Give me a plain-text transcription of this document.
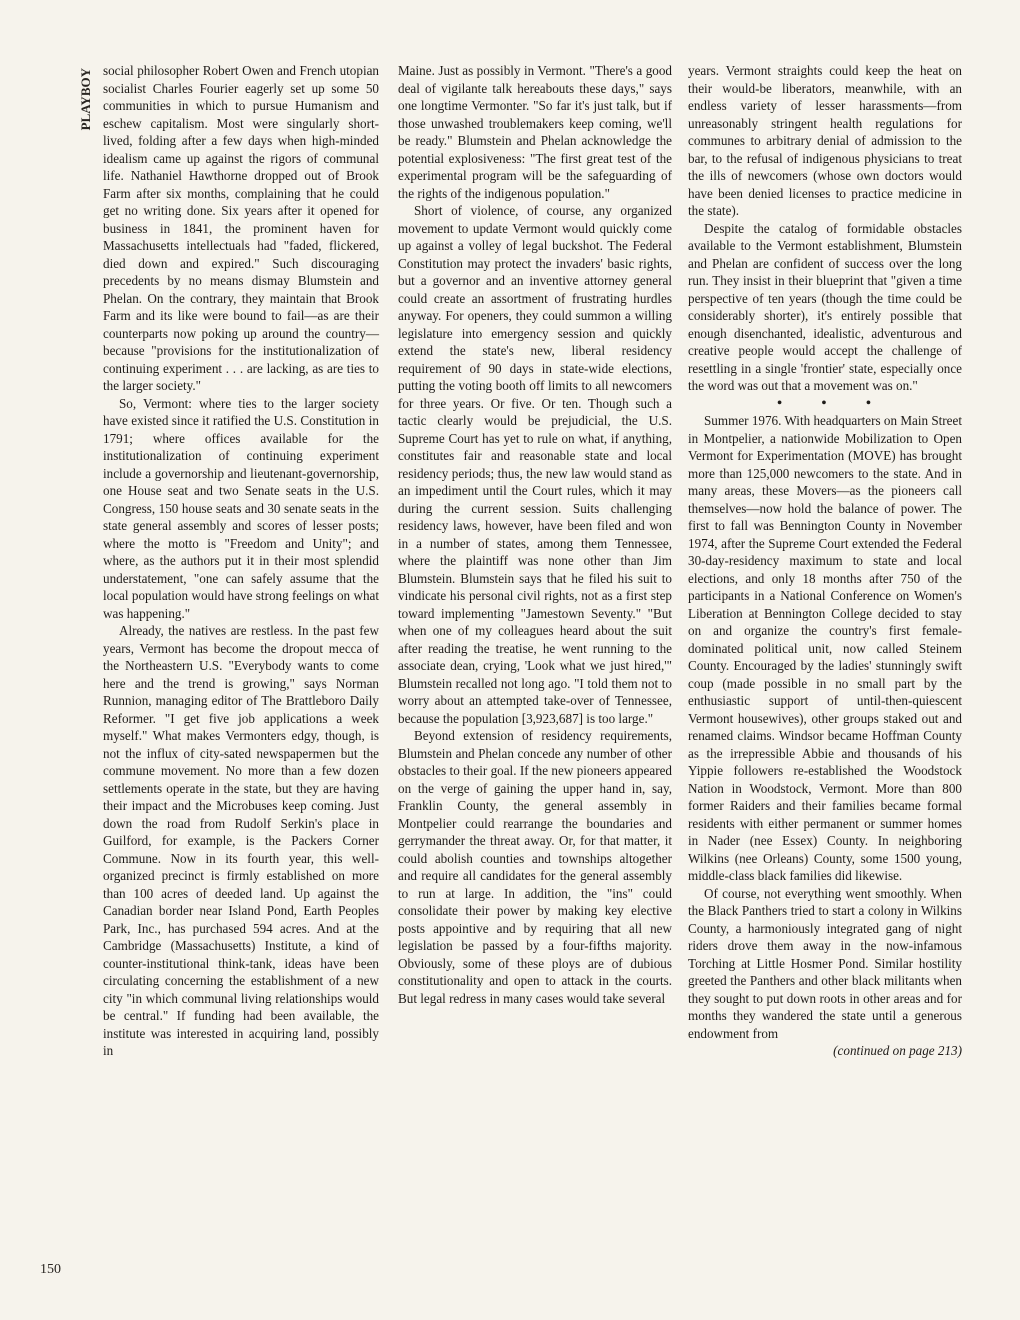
PLAYBOY social philosopher Robert Owen and French utopian socialist Charles Fourier eagerly set up some 50 communities in which to pursue Humanism and eschew capitalism. Most were singularly short-lived, folding after a few days when high-minded idealism came up against the rigors of communal life. Nathaniel Hawthorne dropped out of Brook Farm after six months, complaining that he could get no writing done. Six years after it opened for business in 1841, the prominent haven for Massachusetts intellectuals had "faded, flickered, died down and expired." Such discouraging precedents by no means dismay Blumstein and Phelan. On the contrary, they maintain that Brook Farm and its like were bound to fail—as are their counterparts now poking up around the country—because "provisions for the institutionalization of continuing experiment . . . are lacking, as are ties to the larger society."

So, Vermont: where ties to the larger society have existed since it ratified the U.S. Constitution in 1791; where offices available for the institutionalization of continuing experiment include a governorship and lieutenant-governorship, one House seat and two Senate seats in the U.S. Congress, 150 house seats and 30 senate seats in the state general assembly and scores of lesser posts; where the motto is "Freedom and Unity"; and where, as the authors put it in their most splendid understatement, "one can safely assume that the local population would have strong feelings on what was happening."

Already, the natives are restless. In the past few years, Vermont has become the dropout mecca of the Northeastern U.S. "Everybody wants to come here and the trend is growing," says Norman Runnion, managing editor of The Brattleboro Daily Reformer. "I get five job applications a week myself." What makes Vermonters edgy, though, is not the influx of city-sated newspapermen but the commune movement. No more than a few dozen settlements operate in the state, but they are having their impact and the Microbuses keep coming. Just down the road from Rudolf Serkin's place in Guilford, for example, is the Packers Corner Commune. Now in its fourth year, this well-organized precinct is firmly established on more than 100 acres of deeded land. Up against the Canadian border near Island Pond, Earth Peoples Park, Inc., has purchased 594 acres. And at the Cambridge (Massachusetts) Institute, a kind of counter-institutional think-tank, ideas have been circulating concerning the establishment of a new city "in which communal living relationships would be central." If funding had been available, the institute was interested in acquiring land, possibly in

Maine. Just as possibly in Vermont. "There's a good deal of vigilante talk hereabouts these days," says one longtime Vermonter. "So far it's just talk, but if those unwashed troublemakers keep coming, we'll be ready." Blumstein and Phelan acknowledge the potential explosiveness: "The first great test of the experimental program will be the safeguarding of the rights of the indigenous population."

Short of violence, of course, any organized movement to update Vermont would quickly come up against a volley of legal buckshot. The Federal Constitution may protect the invaders' basic rights, but a governor and an inventive attorney general could create an assortment of frustrating hurdles anyway. For openers, they could summon a willing legislature into emergency session and quickly extend the state's new, liberal residency requirement of 90 days in state-wide elections, putting the voting booth off limits to all newcomers for three years. Or five. Or ten. Though such a tactic clearly would be prejudicial, the U.S. Supreme Court has yet to rule on what, if anything, constitutes fair and reasonable state and local residency periods; thus, the new law would stand as an impediment until the Court rules, which it may during the current session. Suits challenging residency laws, however, have been filed and won in a number of states, among them Tennessee, where the plaintiff was none other than Jim Blumstein. Blumstein says that he filed his suit to vindicate his personal civil rights, not as a first step toward implementing "Jamestown Seventy." "But when one of my colleagues heard about the suit after reading the treatise, he went running to the associate dean, crying, 'Look what we just hired,'" Blumstein recalled not long ago. "I told them not to worry about an attempted take-over of Tennessee, because the population [3,923,687] is too large."

Beyond extension of residency requirements, Blumstein and Phelan concede any number of other obstacles to their goal. If the new pioneers appeared on the verge of gaining the upper hand in, say, Franklin County, the general assembly in Montpelier could rearrange the boundaries and gerrymander the threat away. Or, for that matter, it could abolish counties and townships altogether and require all candidates for the general assembly to run at large. In addition, the "ins" could consolidate their power by making key elective posts appointive and by requiring that all new legislation be passed by a four-fifths majority. Obviously, some of these ploys are of dubious constitutionality and open to attack in the courts. But legal redress in many cases would take several

years. Vermont straights could keep the heat on their would-be liberators, meanwhile, with an endless variety of lesser harassments—from unreasonably stringent health regulations for communes to arbitrary denial of admission to the bar, to the refusal of indigenous physicians to treat the ills of newcomers (whose own doctors would have been denied licenses to practice medicine in the state).

Despite the catalog of formidable obstacles available to the Vermont establishment, Blumstein and Phelan are confident of success over the long run. They insist in their blueprint that "given a time perspective of ten years (though the time could be considerably shorter), it's entirely possible that enough disenchanted, idealistic, adventurous and creative people would accept the challenge of resettling in a single 'frontier' state, especially once the word was out that a movement was on."

• • •

Summer 1976. With headquarters on Main Street in Montpelier, a nationwide Mobilization to Open Vermont for Experimentation (MOVE) has brought more than 125,000 newcomers to the state. And in many areas, these Movers—as the pioneers call themselves—now hold the balance of power. The first to fall was Bennington County in November 1974, after the Supreme Court extended the Federal 30-day-residency maximum to state and local elections, and only 18 months after 750 of the participants in a National Conference on Women's Liberation at Bennington College decided to stay on and organize the country's first female-dominated political unit, now called Steinem County. Encouraged by the ladies' stunningly swift coup (made possible in no small part by the enthusiastic support of until-then-quiescent Vermont housewives), other groups staked out and renamed claims. Windsor became Hoffman County as the irrepressible Abbie and thousands of his Yippie followers re-established the Woodstock Nation in Woodstock, Vermont. More than 800 former Raiders and their families became formal residents with either permanent or summer homes in Nader (nee Essex) County. In neighboring Wilkins (nee Orleans) County, some 1500 young, middle-class black families did likewise.

Of course, not everything went smoothly. When the Black Panthers tried to start a colony in Wilkins County, a harmoniously integrated gang of night riders drove them away in the now-infamous Torching at Little Hosmer Pond. Similar hostility greeted the Panthers and other black militants when they sought to put down roots in other areas and for months they wandered the state until a generous endowment from

(continued on page 213)

150
